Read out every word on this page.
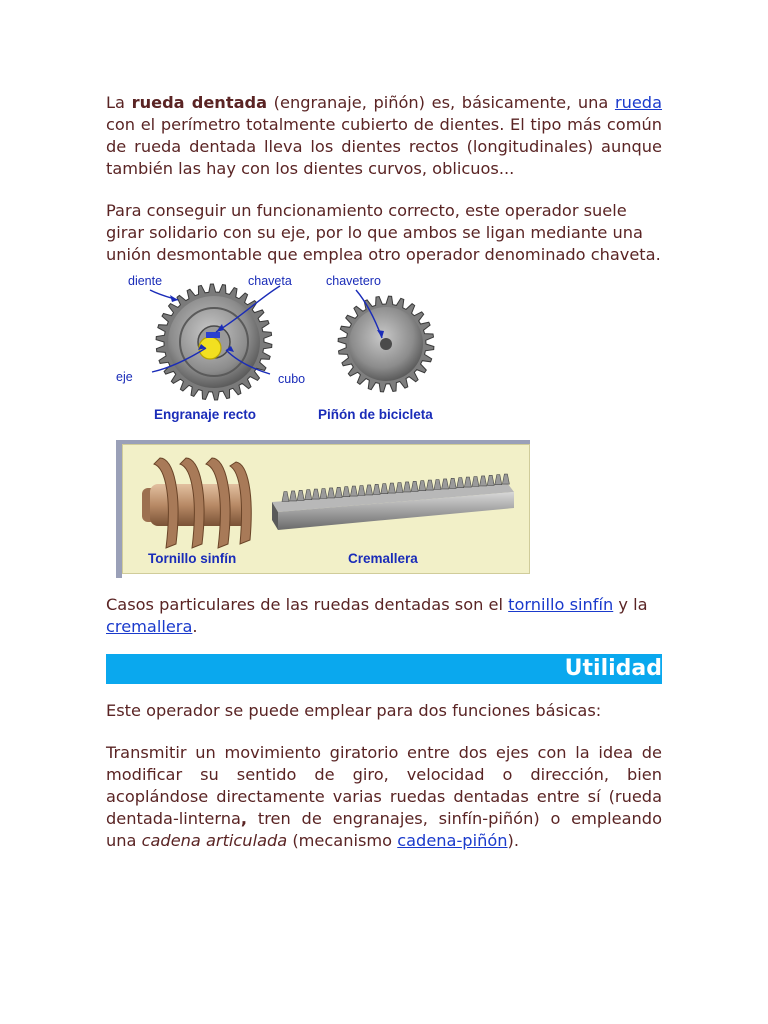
La rueda dentada (engranaje, piñón) es, básicamente, una rueda con el perímetro totalmente cubierto de dientes. El tipo más común de rueda dentada lleva los dientes rectos (longitudinales) aunque también las hay con los dientes curvos, oblicuos...

Para conseguir un funcionamiento correcto, este operador suele girar solidario con su eje, por lo que ambos se ligan mediante una unión desmontable que emplea otro operador denominado chaveta.

diente	chaveta	chavetero
eje	cubo
Engranaje recto	Piñón de bicicleta
Tornillo sinfín	Cremallera

Casos particulares de las ruedas dentadas son el tornillo sinfín y la cremallera.

Utilidad

Este operador se puede emplear para dos funciones básicas:

Transmitir un movimiento giratorio entre dos ejes con la idea de modificar su sentido de giro, velocidad o dirección, bien acoplándose directamente varias ruedas dentadas entre sí (rueda dentada-linterna, tren de engranajes, sinfín-piñón) o empleando una cadena articulada (mecanismo cadena-piñón).
